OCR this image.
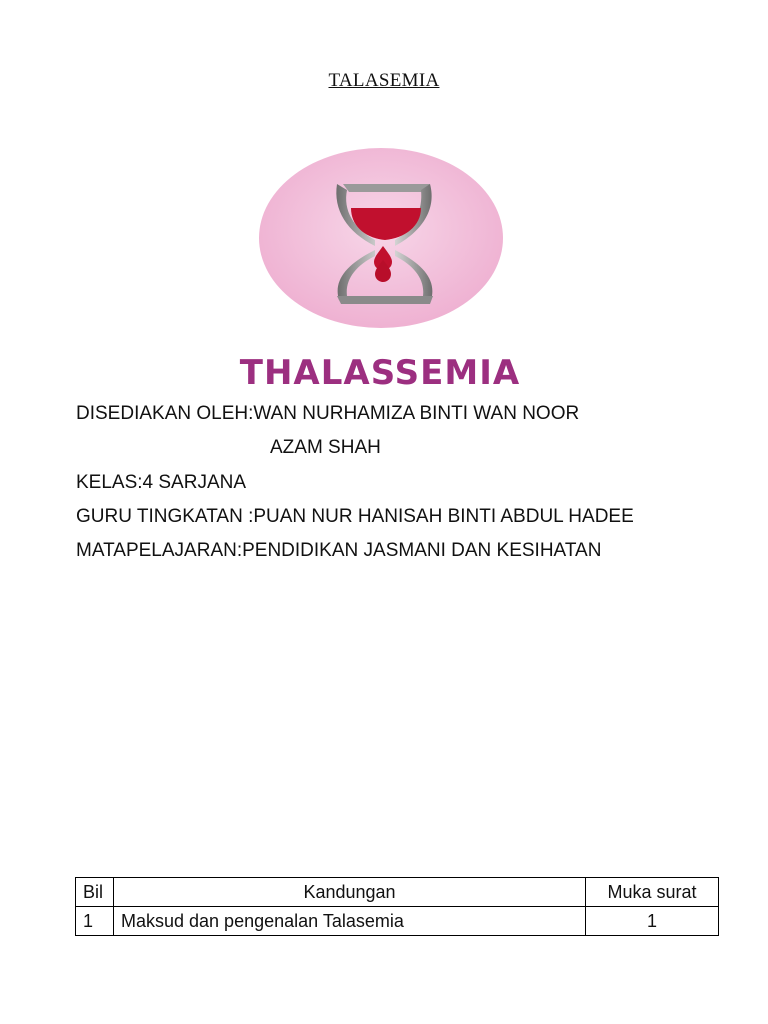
TALASEMIA
THALASSEMIA
DISEDIAKAN OLEH:WAN NURHAMIZA BINTI WAN NOOR
AZAM SHAH
KELAS:4 SARJANA
GURU TINGKATAN :PUAN NUR HANISAH BINTI ABDUL HADEE
MATAPELAJARAN:PENDIDIKAN JASMANI DAN KESIHATAN
Bil	Kandungan	Muka surat
1	Maksud dan pengenalan Talasemia	1
